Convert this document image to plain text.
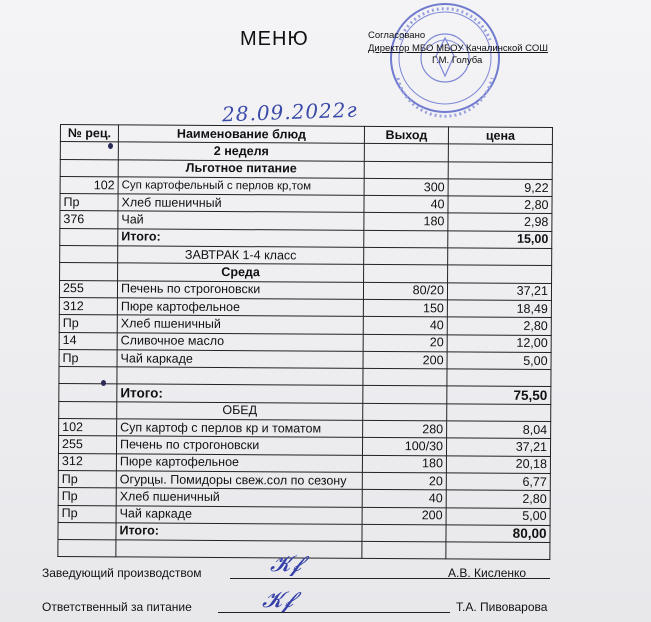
МЕНЮ	Согласовано
Директор МБО МБОУ Качалинской СОШ
Г.М. Голуба
28.09.2022г
№ рец.	Наименование блюд	Выход	цена
	2 неделя		
	Льготное питание		
102	Суп картофельный с перлов кр,том	300	9,22
Пр	Хлеб пшеничный	40	2,80
376	Чай	180	2,98
	Итого:		15,00
	ЗАВТРАК 1-4 класс		
	Среда		
255	Печень по строгоновски	80/20	37,21
312	Пюре картофельное	150	18,49
Пр	Хлеб пшеничный	40	2,80
14	Сливочное масло	20	12,00
Пр	Чай каркаде	200	5,00

	Итого:		75,50
	ОБЕД		
102	Суп картоф с перлов кр и томатом	280	8,04
255	Печень по строгоновски	100/30	37,21
312	Пюре картофельное	180	20,18
Пр	Огурцы. Помидоры свеж.сол по сезону	20	6,77
Пр	Хлеб пшеничный	40	2,80
Пр	Чай каркаде	200	5,00
	Итого:		80,00

Заведующий производством	𝓚𝓯	А.В. Кисленко
Ответственный за питание	𝓚𝓯	Т.А. Пивоварова
